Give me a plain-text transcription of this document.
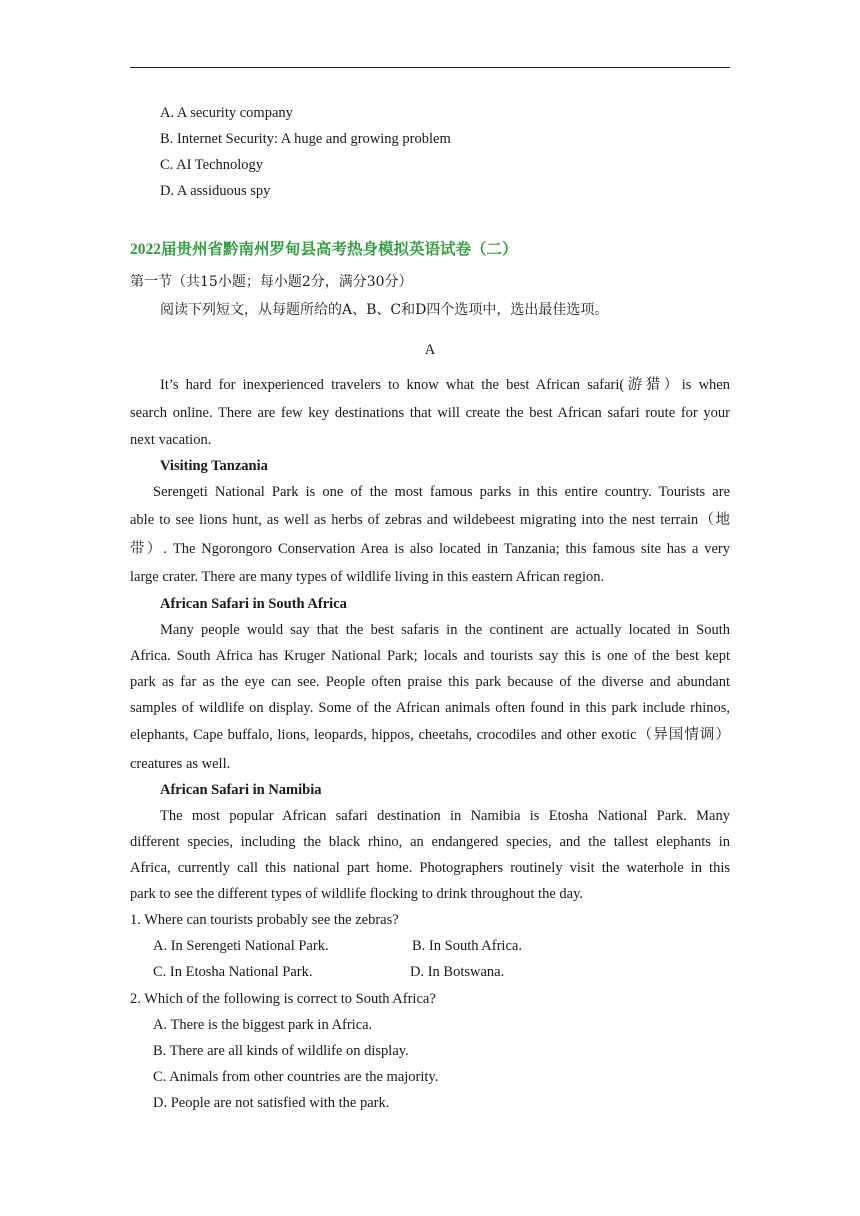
A. A security company
B. Internet Security: A huge and growing problem
C. AI Technology
D. A assiduous spy
2022届贵州省黔南州罗甸县高考热身模拟英语试卷（二）
第一节（共15小题；每小题2分，满分30分）
阅读下列短文，从每题所给的A、B、C和D四个选项中，选出最佳选项。
A
It’s hard for inexperienced travelers to know what the best African safari(游猎）is when
search online. There are few key destinations that will create the best African safari route for your
next vacation.
Visiting Tanzania
Serengeti National Park is one of the most famous parks in this entire country. Tourists are
able to see lions hunt, as well as herbs of zebras and wildebeest migrating into the nest terrain（地
带）. The Ngorongoro Conservation Area is also located in Tanzania; this famous site has a very
large crater. There are many types of wildlife living in this eastern African region.
African Safari in South Africa
Many people would say that the best safaris in the continent are actually located in South
Africa. South Africa has Kruger National Park; locals and tourists say this is one of the best kept
park as far as the eye can see. People often praise this park because of the diverse and abundant
samples of wildlife on display. Some of the African animals often found in this park include rhinos,
elephants, Cape buffalo, lions, leopards, hippos, cheetahs, crocodiles and other exotic（异国情调）
creatures as well.
African Safari in Namibia
The most popular African safari destination in Namibia is Etosha National Park. Many
different species, including the black rhino, an endangered species, and the tallest elephants in
Africa, currently call this national part home. Photographers routinely visit the waterhole in this
park to see the different types of wildlife flocking to drink throughout the day.
1. Where can tourists probably see the zebras?
A. In Serengeti National Park.	B. In South Africa.
C. In Etosha National Park.	D. In Botswana.
2. Which of the following is correct to South Africa?
A. There is the biggest park in Africa.
B. There are all kinds of wildlife on display.
C. Animals from other countries are the majority.
D. People are not satisfied with the park.
